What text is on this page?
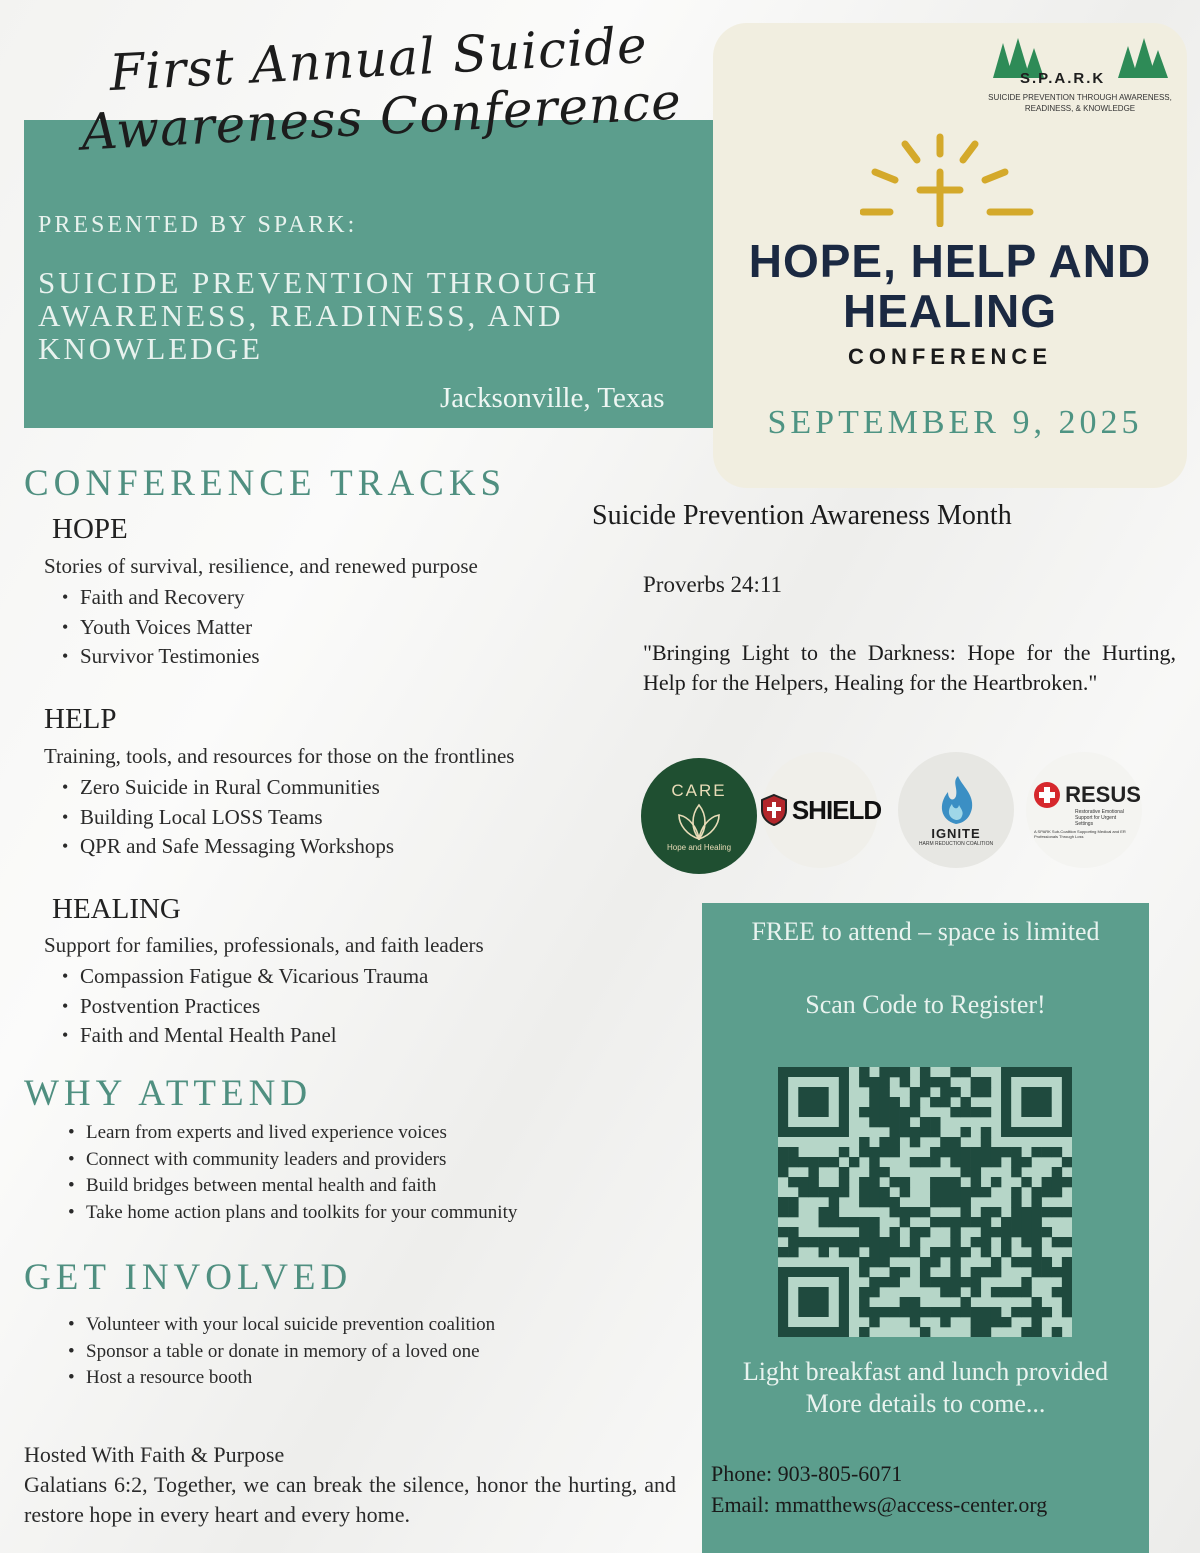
First Annual Suicide Awareness Conference
PRESENTED BY SPARK:
SUICIDE PREVENTION THROUGH AWARENESS, READINESS, AND KNOWLEDGE
Jacksonville, Texas
S.P.A.R.K
SUICIDE PREVENTION THROUGH AWARENESS, READINESS, & KNOWLEDGE
HOPE, HELP AND HEALING
CONFERENCE
SEPTEMBER 9, 2025
CONFERENCE TRACKS
HOPE
Stories of survival, resilience, and renewed purpose
• Faith and Recovery
• Youth Voices Matter
• Survivor Testimonies
HELP
Training, tools, and resources for those on the frontlines
• Zero Suicide in Rural Communities
• Building Local LOSS Teams
• QPR and Safe Messaging Workshops
HEALING
Support for families, professionals, and faith leaders
• Compassion Fatigue & Vicarious Trauma
• Postvention Practices
• Faith and Mental Health Panel
WHY ATTEND
• Learn from experts and lived experience voices
• Connect with community leaders and providers
• Build bridges between mental health and faith
• Take home action plans and toolkits for your community
GET INVOLVED
• Volunteer with your local suicide prevention coalition
• Sponsor a table or donate in memory of a loved one
• Host a resource booth
Hosted With Faith & Purpose
Galatians 6:2, Together, we can break the silence, honor the hurting, and restore hope in every heart and every home.
Suicide Prevention Awareness Month
Proverbs 24:11
"Bringing Light to the Darkness: Hope for the Hurting, Help for the Helpers, Healing for the Heartbroken."
CARE
Hope and Healing
SHIELD
IGNITE
HARM REDUCTION COALITION
RESUS
Restorative Emotional Support for Urgent Settings
A SPARK Sub-Coalition Supporting Medical and ER Professionals Through Loss
FREE to attend – space is limited
Scan Code to Register!
Light breakfast and lunch provided
More details to come...
Phone: 903-805-6071
Email: mmatthews@access-center.org
